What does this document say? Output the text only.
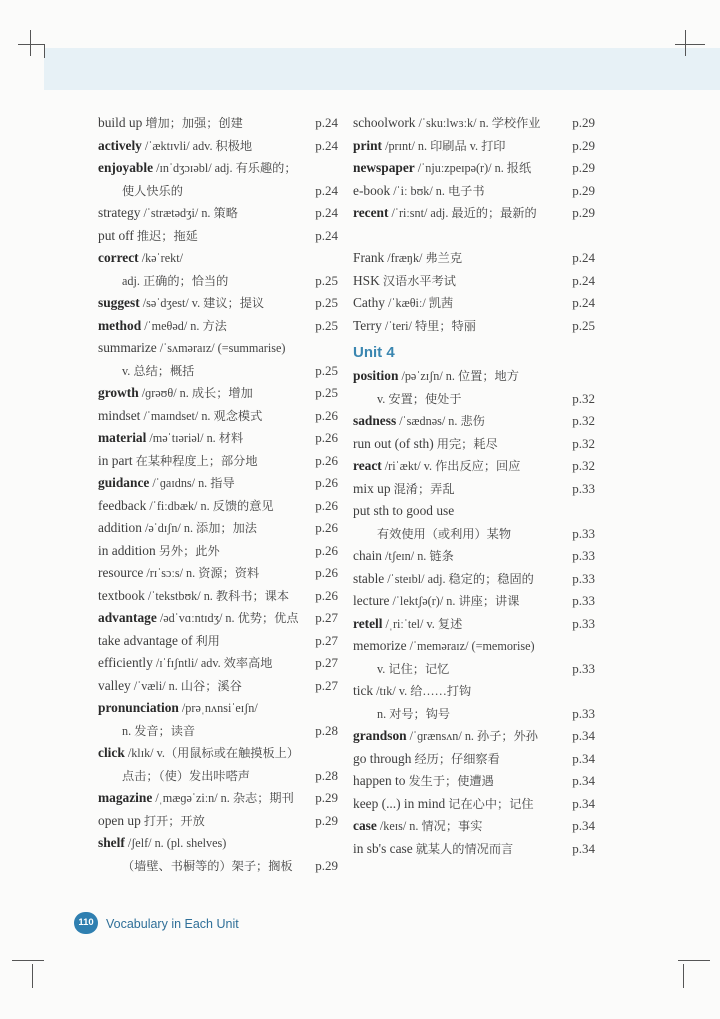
build up 增加；加强；创建	p.24
actively /ˈæktɪvli/ adv. 积极地	p.24
enjoyable /ɪnˈdʒɔɪəbl/ adj. 有乐趣的；
使人快乐的	p.24
strategy /ˈstrætədʒi/ n. 策略	p.24
put off 推迟；拖延	p.24
correct /kəˈrekt/
adj. 正确的；恰当的	p.25
suggest /səˈdʒest/ v. 建议；提议	p.25
method /ˈmeθəd/ n. 方法	p.25
summarize /ˈsʌməraɪz/ (=summarise)
v. 总结；概括	p.25
growth /ɡrəʊθ/ n. 成长；增加	p.25
mindset /ˈmaɪndset/ n. 观念模式	p.26
material /məˈtɪəriəl/ n. 材料	p.26
in part 在某种程度上；部分地	p.26
guidance /ˈɡaɪdns/ n. 指导	p.26
feedback /ˈfiːdbæk/ n. 反馈的意见	p.26
addition /əˈdɪʃn/ n. 添加；加法	p.26
in addition 另外；此外	p.26
resource /rɪˈsɔːs/ n. 资源；资料	p.26
textbook /ˈtekstbʊk/ n. 教科书；课本 p.26
advantage /ədˈvɑːntɪdʒ/ n. 优势；优点 p.27
take advantage of 利用	p.27
efficiently /ɪˈfɪʃntli/ adv. 效率高地	p.27
valley /ˈvæli/ n. 山谷；溪谷	p.27
pronunciation /prəˌnʌnsiˈeɪʃn/
n. 发音；读音	p.28
click /klɪk/ v.（用鼠标或在触摸板上）
点击；（使）发出咔嗒声	p.28
magazine /ˌmæɡəˈziːn/ n. 杂志；期刊 p.29
open up 打开；开放	p.29
shelf /ʃelf/ n. (pl. shelves)
（墙壁、书橱等的）架子；搁板 p.29
schoolwork /ˈskuːlwɜːk/ n. 学校作业 p.29
print /prɪnt/ n. 印刷品 v. 打印	p.29
newspaper /ˈnjuːzpeɪpə(r)/ n. 报纸	p.29
e-book /ˈiː bʊk/ n. 电子书	p.29
recent /ˈriːsnt/ adj. 最近的；最新的	p.29
Frank /fræŋk/ 弗兰克	p.24
HSK 汉语水平考试	p.24
Cathy /ˈkæθiː/ 凯茜	p.24
Terry /ˈteri/ 特里；特丽	p.25
Unit 4
position /pəˈzɪʃn/ n. 位置；地方
v. 安置；使处于	p.32
sadness /ˈsædnəs/ n. 悲伤	p.32
run out (of sth) 用完；耗尽	p.32
react /riˈækt/ v. 作出反应；回应	p.32
mix up 混淆；弄乱	p.33
put sth to good use
有效使用（或利用）某物	p.33
chain /tʃeɪn/ n. 链条	p.33
stable /ˈsteɪbl/ adj. 稳定的；稳固的	p.33
lecture /ˈlektʃə(r)/ n. 讲座；讲课	p.33
retell /ˌriːˈtel/ v. 复述	p.33
memorize /ˈmeməraɪz/ (=memorise)
v. 记住；记忆	p.33
tick /tɪk/ v. 给……打钩
n. 对号；钩号	p.33
grandson /ˈɡrænsʌn/ n. 孙子；外孙	p.34
go through 经历；仔细察看	p.34
happen to 发生于；使遭遇	p.34
keep (...) in mind 记在心中；记住	p.34
case /keɪs/ n. 情况；事实	p.34
in sb's case 就某人的情况而言	p.34
110 Vocabulary in Each Unit
